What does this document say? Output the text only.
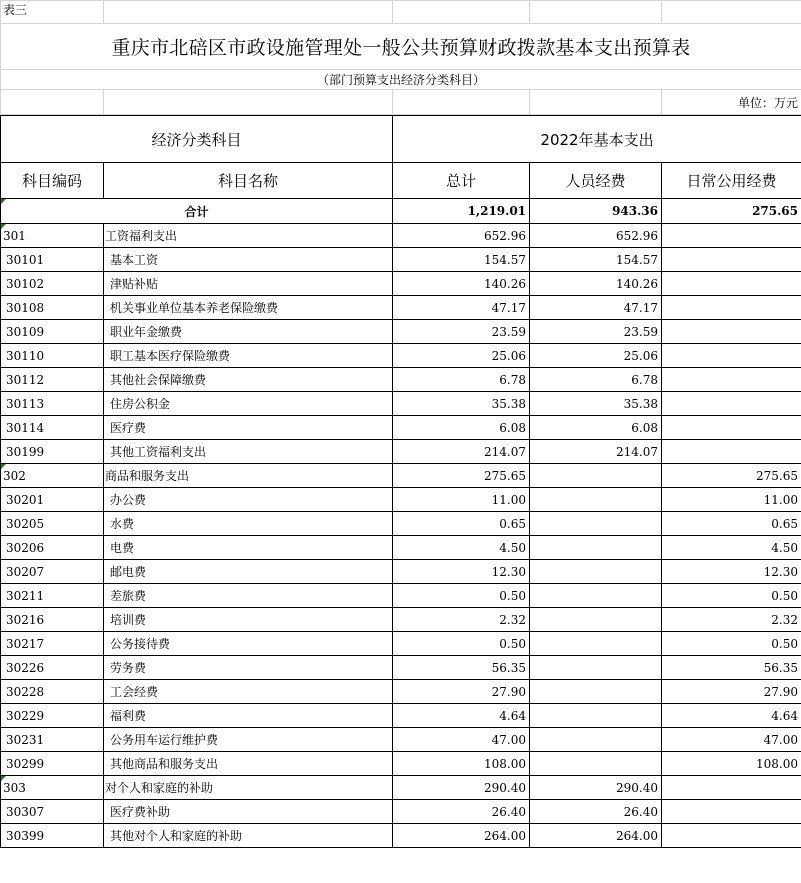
表三				
重庆市北碚区市政设施管理处一般公共预算财政拨款基本支出预算表				
（部门预算支出经济分类科目）				
				单位：万元
经济分类科目		2022年基本支出		
科目编码	科目名称	总计	人员经费	日常公用经费

合计		1,219.01	943.36	275.65
301	工资福利支出	652.96	652.96	
30101	基本工资	154.57	154.57	
30102	津贴补贴	140.26	140.26	
30108	机关事业单位基本养老保险缴费	47.17	47.17	
30109	职业年金缴费	23.59	23.59	
30110	职工基本医疗保险缴费	25.06	25.06	
30112	其他社会保障缴费	6.78	6.78	
30113	住房公积金	35.38	35.38	
30114	医疗费	6.08	6.08	
30199	其他工资福利支出	214.07	214.07	
302	商品和服务支出	275.65		275.65
30201	办公费	11.00		11.00
30205	水费	0.65		0.65
30206	电费	4.50		4.50
30207	邮电费	12.30		12.30
30211	差旅费	0.50		0.50
30216	培训费	2.32		2.32
30217	公务接待费	0.50		0.50
30226	劳务费	56.35		56.35
30228	工会经费	27.90		27.90
30229	福利费	4.64		4.64
30231	公务用车运行维护费	47.00		47.00
30299	其他商品和服务支出	108.00		108.00
303	对个人和家庭的补助	290.40	290.40	
30307	医疗费补助	26.40	26.40	
30399	其他对个人和家庭的补助	264.00	264.00	
